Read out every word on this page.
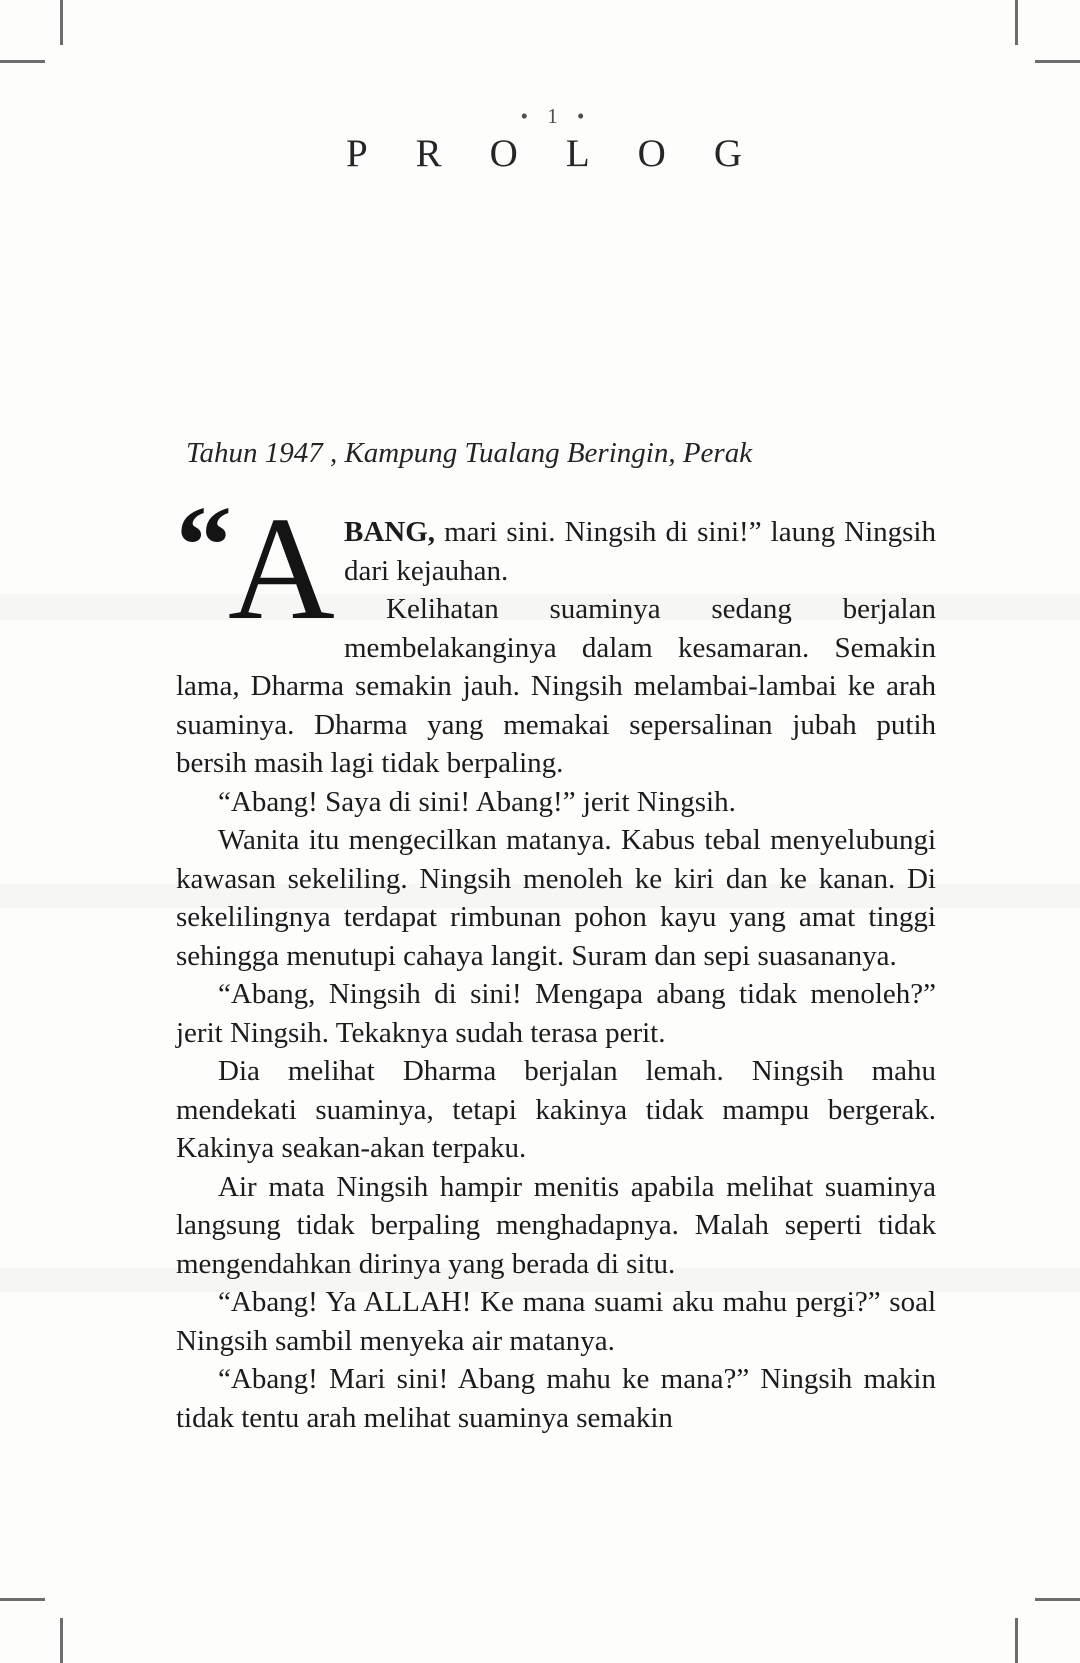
• 1 •
PROLOG
Tahun 1947 , Kampung Tualang Beringin, Perak

“ A BANG, mari sini. Ningsih di sini!” laung Ningsih dari kejauhan.

Kelihatan suaminya sedang berjalan membelakanginya dalam kesamaran. Semakin lama, Dharma semakin jauh. Ningsih melambai-lambai ke arah suaminya. Dharma yang memakai sepersalinan jubah putih bersih masih lagi tidak berpaling.

“Abang! Saya di sini! Abang!” jerit Ningsih.

Wanita itu mengecilkan matanya. Kabus tebal menyelubungi kawasan sekeliling. Ningsih menoleh ke kiri dan ke kanan. Di sekelilingnya terdapat rimbunan pohon kayu yang amat tinggi sehingga menutupi cahaya langit. Suram dan sepi suasananya.

“Abang, Ningsih di sini! Mengapa abang tidak menoleh?” jerit Ningsih. Tekaknya sudah terasa perit.

Dia melihat Dharma berjalan lemah. Ningsih mahu mendekati suaminya, tetapi kakinya tidak mampu bergerak. Kakinya seakan-akan terpaku.

Air mata Ningsih hampir menitis apabila melihat suaminya langsung tidak berpaling menghadapnya. Malah seperti tidak mengendahkan dirinya yang berada di situ.

“Abang! Ya ALLAH! Ke mana suami aku mahu pergi?” soal Ningsih sambil menyeka air matanya.

“Abang! Mari sini! Abang mahu ke mana?” Ningsih makin tidak tentu arah melihat suaminya semakin
